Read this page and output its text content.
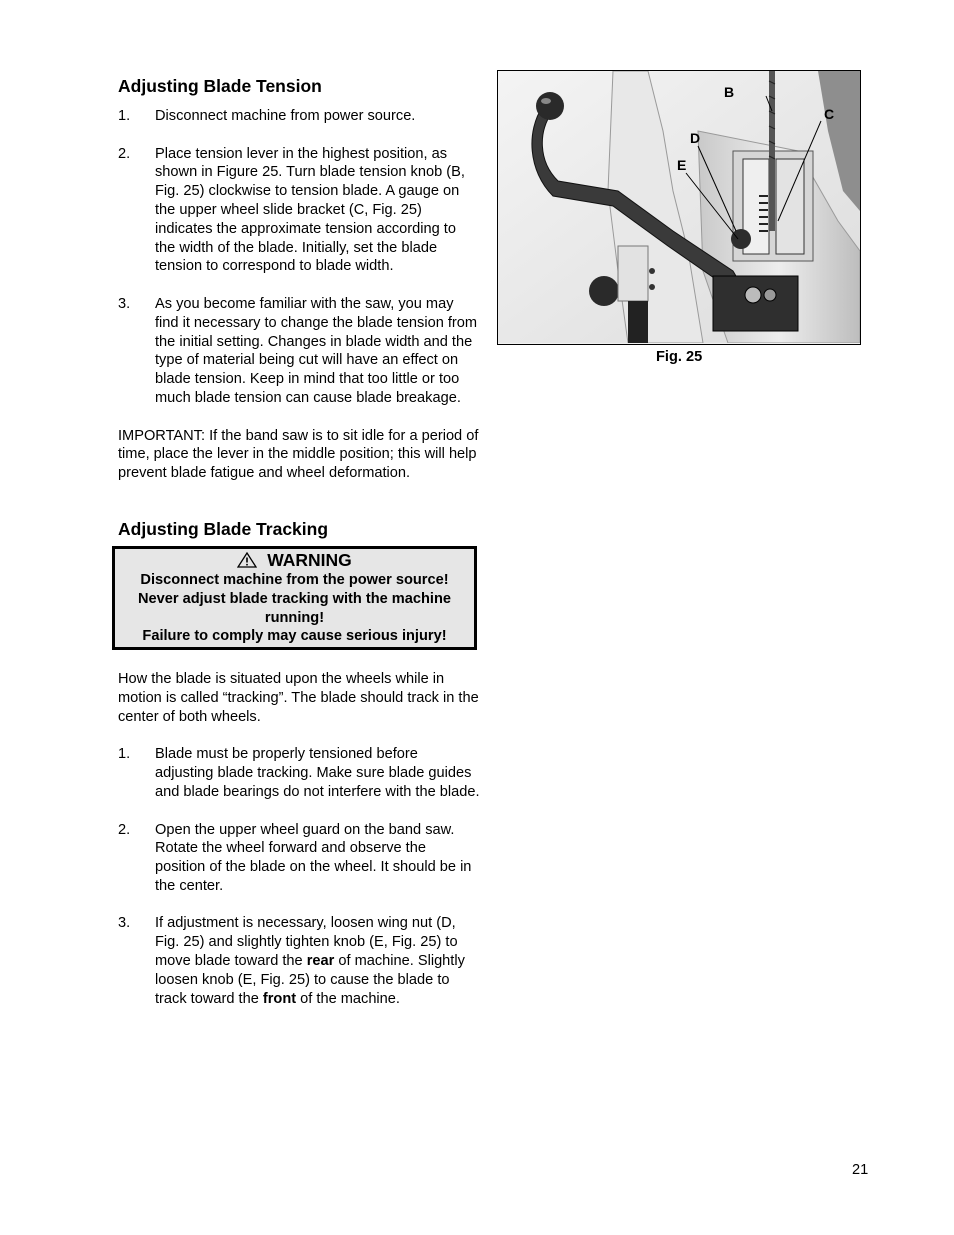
Adjusting Blade Tension
1.	Disconnect machine from power source.
2.	Place tension lever in the highest position, as shown in Figure 25. Turn blade tension knob (B, Fig. 25) clockwise to tension blade. A gauge on the upper wheel slide bracket (C, Fig. 25) indicates the approximate tension according to the width of the blade. Initially, set the blade tension to correspond to blade width.
3.	As you become familiar with the saw, you may find it necessary to change the blade tension from the initial setting. Changes in blade width and the type of material being cut will have an effect on blade tension. Keep in mind that too little or too much blade tension can cause blade breakage.

IMPORTANT: If the band saw is to sit idle for a period of time, place the lever in the middle position; this will help prevent blade fatigue and wheel deformation.

Adjusting Blade Tracking
WARNING
Disconnect machine from the power source!
Never adjust blade tracking with the machine running!
Failure to comply may cause serious injury!

How the blade is situated upon the wheels while in motion is called “tracking”. The blade should track in the center of both wheels.

1.	Blade must be properly tensioned before adjusting blade tracking. Make sure blade guides and blade bearings do not interfere with the blade.
2.	Open the upper wheel guard on the band saw. Rotate the wheel forward and observe the position of the blade on the wheel. It should be in the center.
3.	If adjustment is necessary, loosen wing nut (D, Fig. 25) and slightly tighten knob (E, Fig. 25) to move blade toward the rear of machine. Slightly loosen knob (E, Fig. 25) to cause the blade to track toward the front of the machine.
B
C
D
E
Fig. 25
21
